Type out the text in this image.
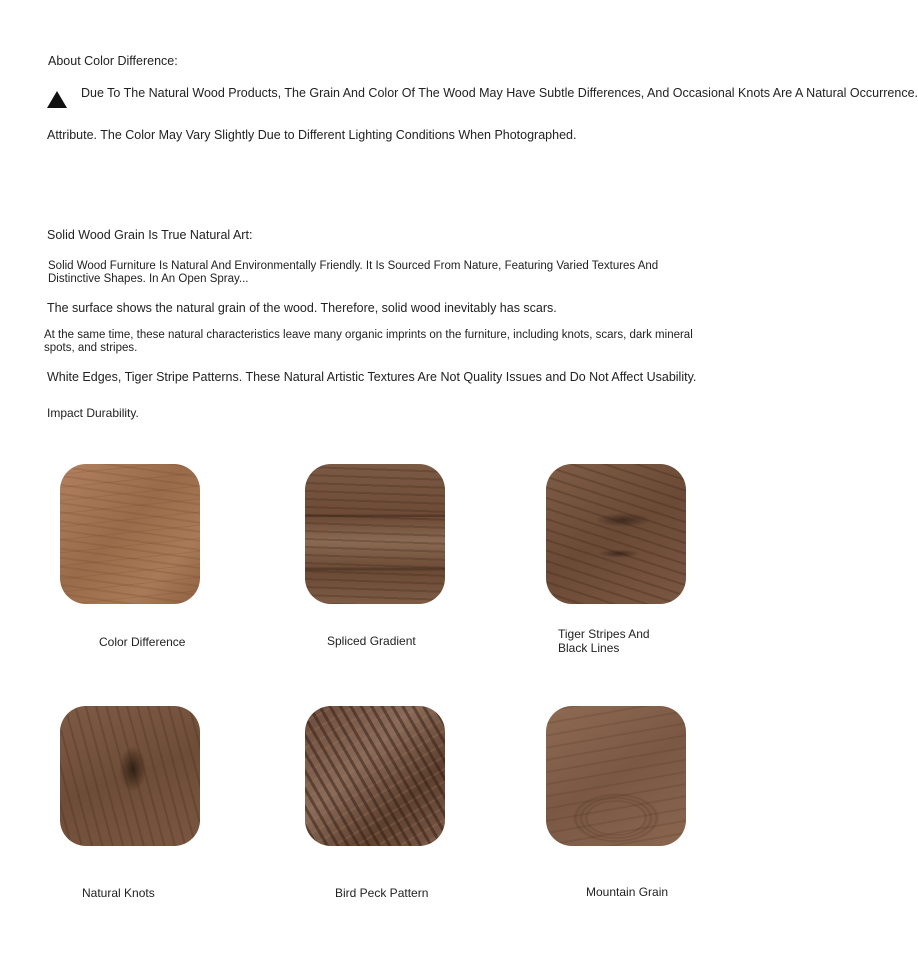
About Color Difference:

Due To The Natural Wood Products, The Grain And Color Of The Wood May Have Subtle Differences, And Occasional Knots Are A Natural Occurrence.

Attribute. The Color May Vary Slightly Due to Different Lighting Conditions When Photographed.

Solid Wood Grain Is True Natural Art:

Solid Wood Furniture Is Natural And Environmentally Friendly. It Is Sourced From Nature, Featuring Varied Textures And Distinctive Shapes. In An Open Spray...

The surface shows the natural grain of the wood. Therefore, solid wood inevitably has scars.

At the same time, these natural characteristics leave many organic imprints on the furniture, including knots, scars, dark mineral spots, and stripes.

White Edges, Tiger Stripe Patterns. These Natural Artistic Textures Are Not Quality Issues and Do Not Affect Usability.

Impact Durability.

Color Difference	Spliced Gradient	Tiger Stripes And Black Lines

Natural Knots	Bird Peck Pattern	Mountain Grain
